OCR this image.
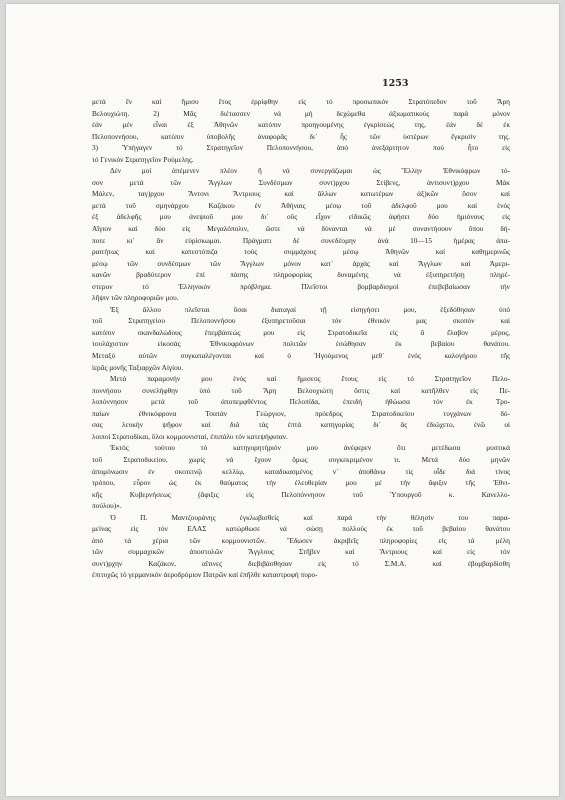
1253

μετά ἕν καί ἥμισυ ἔτος ἐρρίφθην εἰς τό προσωπικόν Στρατόπεδον τοῦ Ἄρη
Βελουχιώτη. 2) Μᾶς διέτασσεν νά μή δεχώμεθα ἀξιωματικούς παρά μόνον
ἐάν μέν εἶναι ἐξ Ἀθηνῶν κατόπιν προηγουμένης ἐγκρίσεώς της, ἐάν δέ ἐκ
Πελοποννήσου, κατόπιν ὑποβολῆς ἀναφορᾶς δι᾽ ἧς τῶν ὑστέρων ἔγκρισίν της.
3) Ὑπήγαγεν τό Στρατηγεῖον Πελοποννήσου, ἀπό ἀνεξάρτητον πού ἦτο εἰς
τό Γενικόν Στρατηγεῖον Ρούμελης.

Δέν μοί ἀπέμενεν πλέον ἤ νά συνεργάζωμαι ὡς Ἕλλην Ἐθνικόφρων τό-
σον μετά τῶν Ἄγγλων Συνδέσμων συντ)ρχου Στίβενς, ἀντισυντ)ρχου Μάκ
Μάλεν, ταγ)ρχου Ἄντονι Ἄντριους καί ἄλλων κατωτέρων ἀξ)κῶν ὅσον καί
μετά τοῦ σμηνάρχου Καζάκου ἐν Ἀθήναις μέσῳ τοῦ ἀδελφοῦ μου καί ἑνός
ἐξ ἀδελφῆς μου ἀνεψιοῦ μου δι᾽ οὕς εἶχον εἰδικῶς ἀφήσει δύο ἡμιόνους εἰς
Αἴγιον καί δύο εἰς Μεγαλόπολιν, ὥστε νά δύνανται νά μέ συναντήσουν ὅπου δή-
ποτε κι᾽ ἄν εὑρίσκωμαι. Πράγματι δέ συνεδέομην ἀνά 10—15 ἡμέρας ἀπα-
ραιτήτως καί κατεστόπιζα τούς συμμάχους μέσῳ Ἀθηνῶν καί καθημερινῶς
μέσῳ τῶν συνδέσμων τῶν Ἄγγλων μόνον κατ᾽ ἀρχάς καί Ἄγγλων καί Ἀμερι-
κανῶν βραδύτερον ἐπί πάσης πληροφορίας δυναμένης νά ἐξυπηρετήσῃ πληρέ-
στερον τό Ἑλληνικόν πρόβλημα. Πλεῖστοι βομβαρδισμοί ἐπεβεβαίωσαν τήν
λῆψιν τῶν πληροφοριῶν μου.

Ἐξ ἄλλου πλεῖσται ὅσαι διαταγαί τῇ εἰσηγήσει μου, ἐξεδόθησαν ὑπό
τοῦ Στρατηγείου Πελοποννήσου ἐξυπηρετοῦσαι τόν ἐθνικόν μας σκοπόν καί
κατόπιν σκανδαλώδους ἐπεμβάσεώς μου εἰς Στρατοδικεῖα εἰς ἃ ἔλαβον μέρος,
τουλάχιστον εἰκοσάς Ἐθνικοφρόνων πολιτῶν ἐσώθησαν ἐκ βεβαίου θανάτου.
Μεταξύ αὐτῶν συγκαταλέγονται καί ὁ Ἡγούμενος μεθ᾽ ἑνός καλογήρου τῆς
ἱερᾶς μονῆς Ταξιαρχῶν Αἰγίου.

Μετά παραμονήν μου ἑνός καί ἥμισεος ἔτους εἰς τό Στρατηγεῖον Πελο-
ποννήσου συνελήφθην ὑπό τοῦ Ἄρη Βελουχιώτη ὅστις καί κατῆλθεν εἰς Πε-
λοπόννησον μετά τοῦ ἀποπεμφθέντος Πελοπίδα, ἐπειδή ἠθώωσα τόν ἐκ Τρο-
παίων ἐθνικόφρονα Τσατάν Γεώργιον, πρόεδρος Στρατοδικείου τυγχάνων δό-
σας λευκήν ψῆφον καί διά τάς ἑπτά κατηγορίας δι᾽ ἃς ἐδιώχετο, ἐνῶ οἱ
λοιποί Στρατοδίκαι, ὅλοι κομμουνισταί, ἐπιπάλυ τόν κατεψήφισαν.

Ἐκτός τούτου τό κατηγορητήριόν μου ἀνέφερεν ὅτι μετέδωσα μυστικά
τοῦ Στρατοδικείου, χωρίς νά ἔχουν ὅμως συγκεκριμένον τι. Μετά δύο μηνῶν
ἀπομόνωσιν ἐν σκοτεινῷ κελλίῳ, καταδικασμένος ν᾽ ἀποθάνω τίς οἶδε διά τίνος
τρόπου, εὗρον ὡς ἐκ θαύματος τήν ἐλευθερίαν μου μέ τήν ἄφιξιν τῆς Ἐθνι-
κῆς Κυβερνήσεως (ἄφιξις εἰς Πελοπόννησον τοῦ Ὑπουργοῦ κ. Κανελλο-
πούλου)».

Ὁ Π. Μαντζουράνης ἐγκλωβισθείς καί παρά τήν θέλησίν του παρα-
μείνας εἰς τόν ΕΛΑΣ κατώρθωσε νά σώσῃ πολλούς ἐκ τοῦ βεβαίου θανάτου
ἀπό τά χέρια τῶν κομμουνιστῶν. Ἔδωσεν ἀκριβεῖς πληροφορίες εἰς τά μέλη
τῶν συμμαχικῶν ἀποστολῶν Ἄγγλους Στῆβεν καί Ἄντριους καί εἰς τόν
συντ)ρχην Καζάκον, αἵτινες διεβιβάσθησαν εἰς τό Σ.Μ.Α. καί ἐβομβαρδίσθη
ἐπιτυχῶς τό γερμανικόν ἀεροδρόμιον Πατρῶν καί ἐπῆλθε καταστροφή πυρο-
